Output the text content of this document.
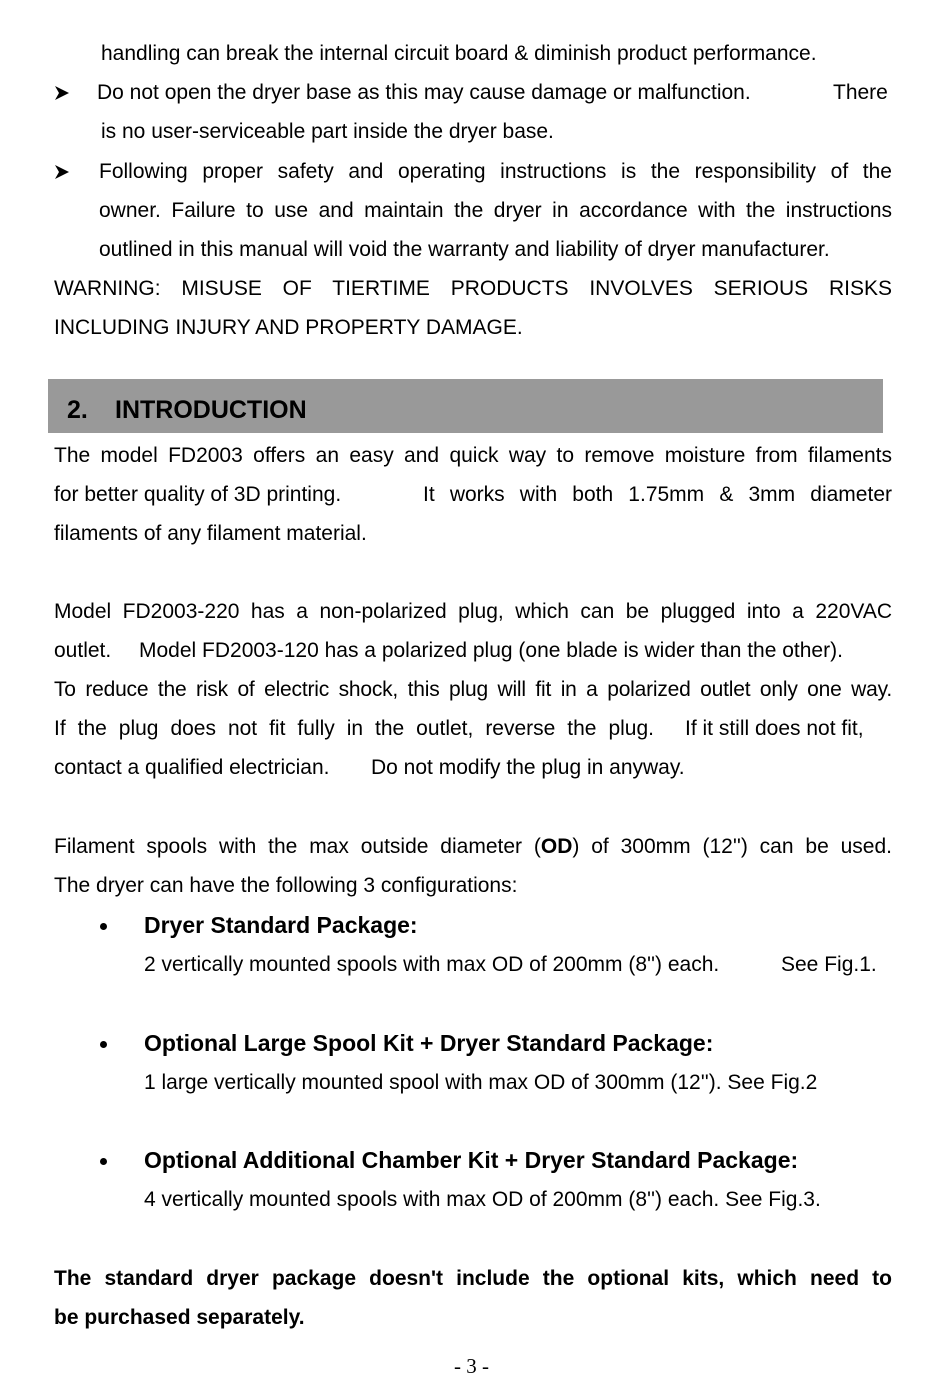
handling can break the internal circuit board & diminish product performance.
Do not open the dryer base as this may cause damage or malfunction.	There
is no user-serviceable part inside the dryer base.
Following proper safety and operating instructions is the responsibility of the
owner. Failure to use and maintain the dryer in accordance with the instructions
outlined in this manual will void the warranty and liability of dryer manufacturer.
WARNING: MISUSE OF TIERTIME PRODUCTS INVOLVES SERIOUS RISKS
INCLUDING INJURY AND PROPERTY DAMAGE.
2. INTRODUCTION
The model FD2003 offers an easy and quick way to remove moisture from filaments
for better quality of 3D printing.	It works with both 1.75mm & 3mm diameter
filaments of any filament material.
Model FD2003-220 has a non-polarized plug, which can be plugged into a 220VAC
outlet. Model FD2003-120 has a polarized plug (one blade is wider than the other).
To reduce the risk of electric shock, this plug will fit in a polarized outlet only one way.
If the plug does not fit fully in the outlet, reverse the plug. If it still does not fit,
contact a qualified electrician. Do not modify the plug in anyway.
Filament spools with the max outside diameter (OD) of 300mm (12'') can be used.
The dryer can have the following 3 configurations:
Dryer Standard Package:
2 vertically mounted spools with max OD of 200mm (8'') each.	See Fig.1.
Optional Large Spool Kit + Dryer Standard Package:
1 large vertically mounted spool with max OD of 300mm (12''). See Fig.2
Optional Additional Chamber Kit + Dryer Standard Package:
4 vertically mounted spools with max OD of 200mm (8'') each. See Fig.3.
The standard dryer package doesn't include the optional kits, which need to
be purchased separately.
- 3 -
